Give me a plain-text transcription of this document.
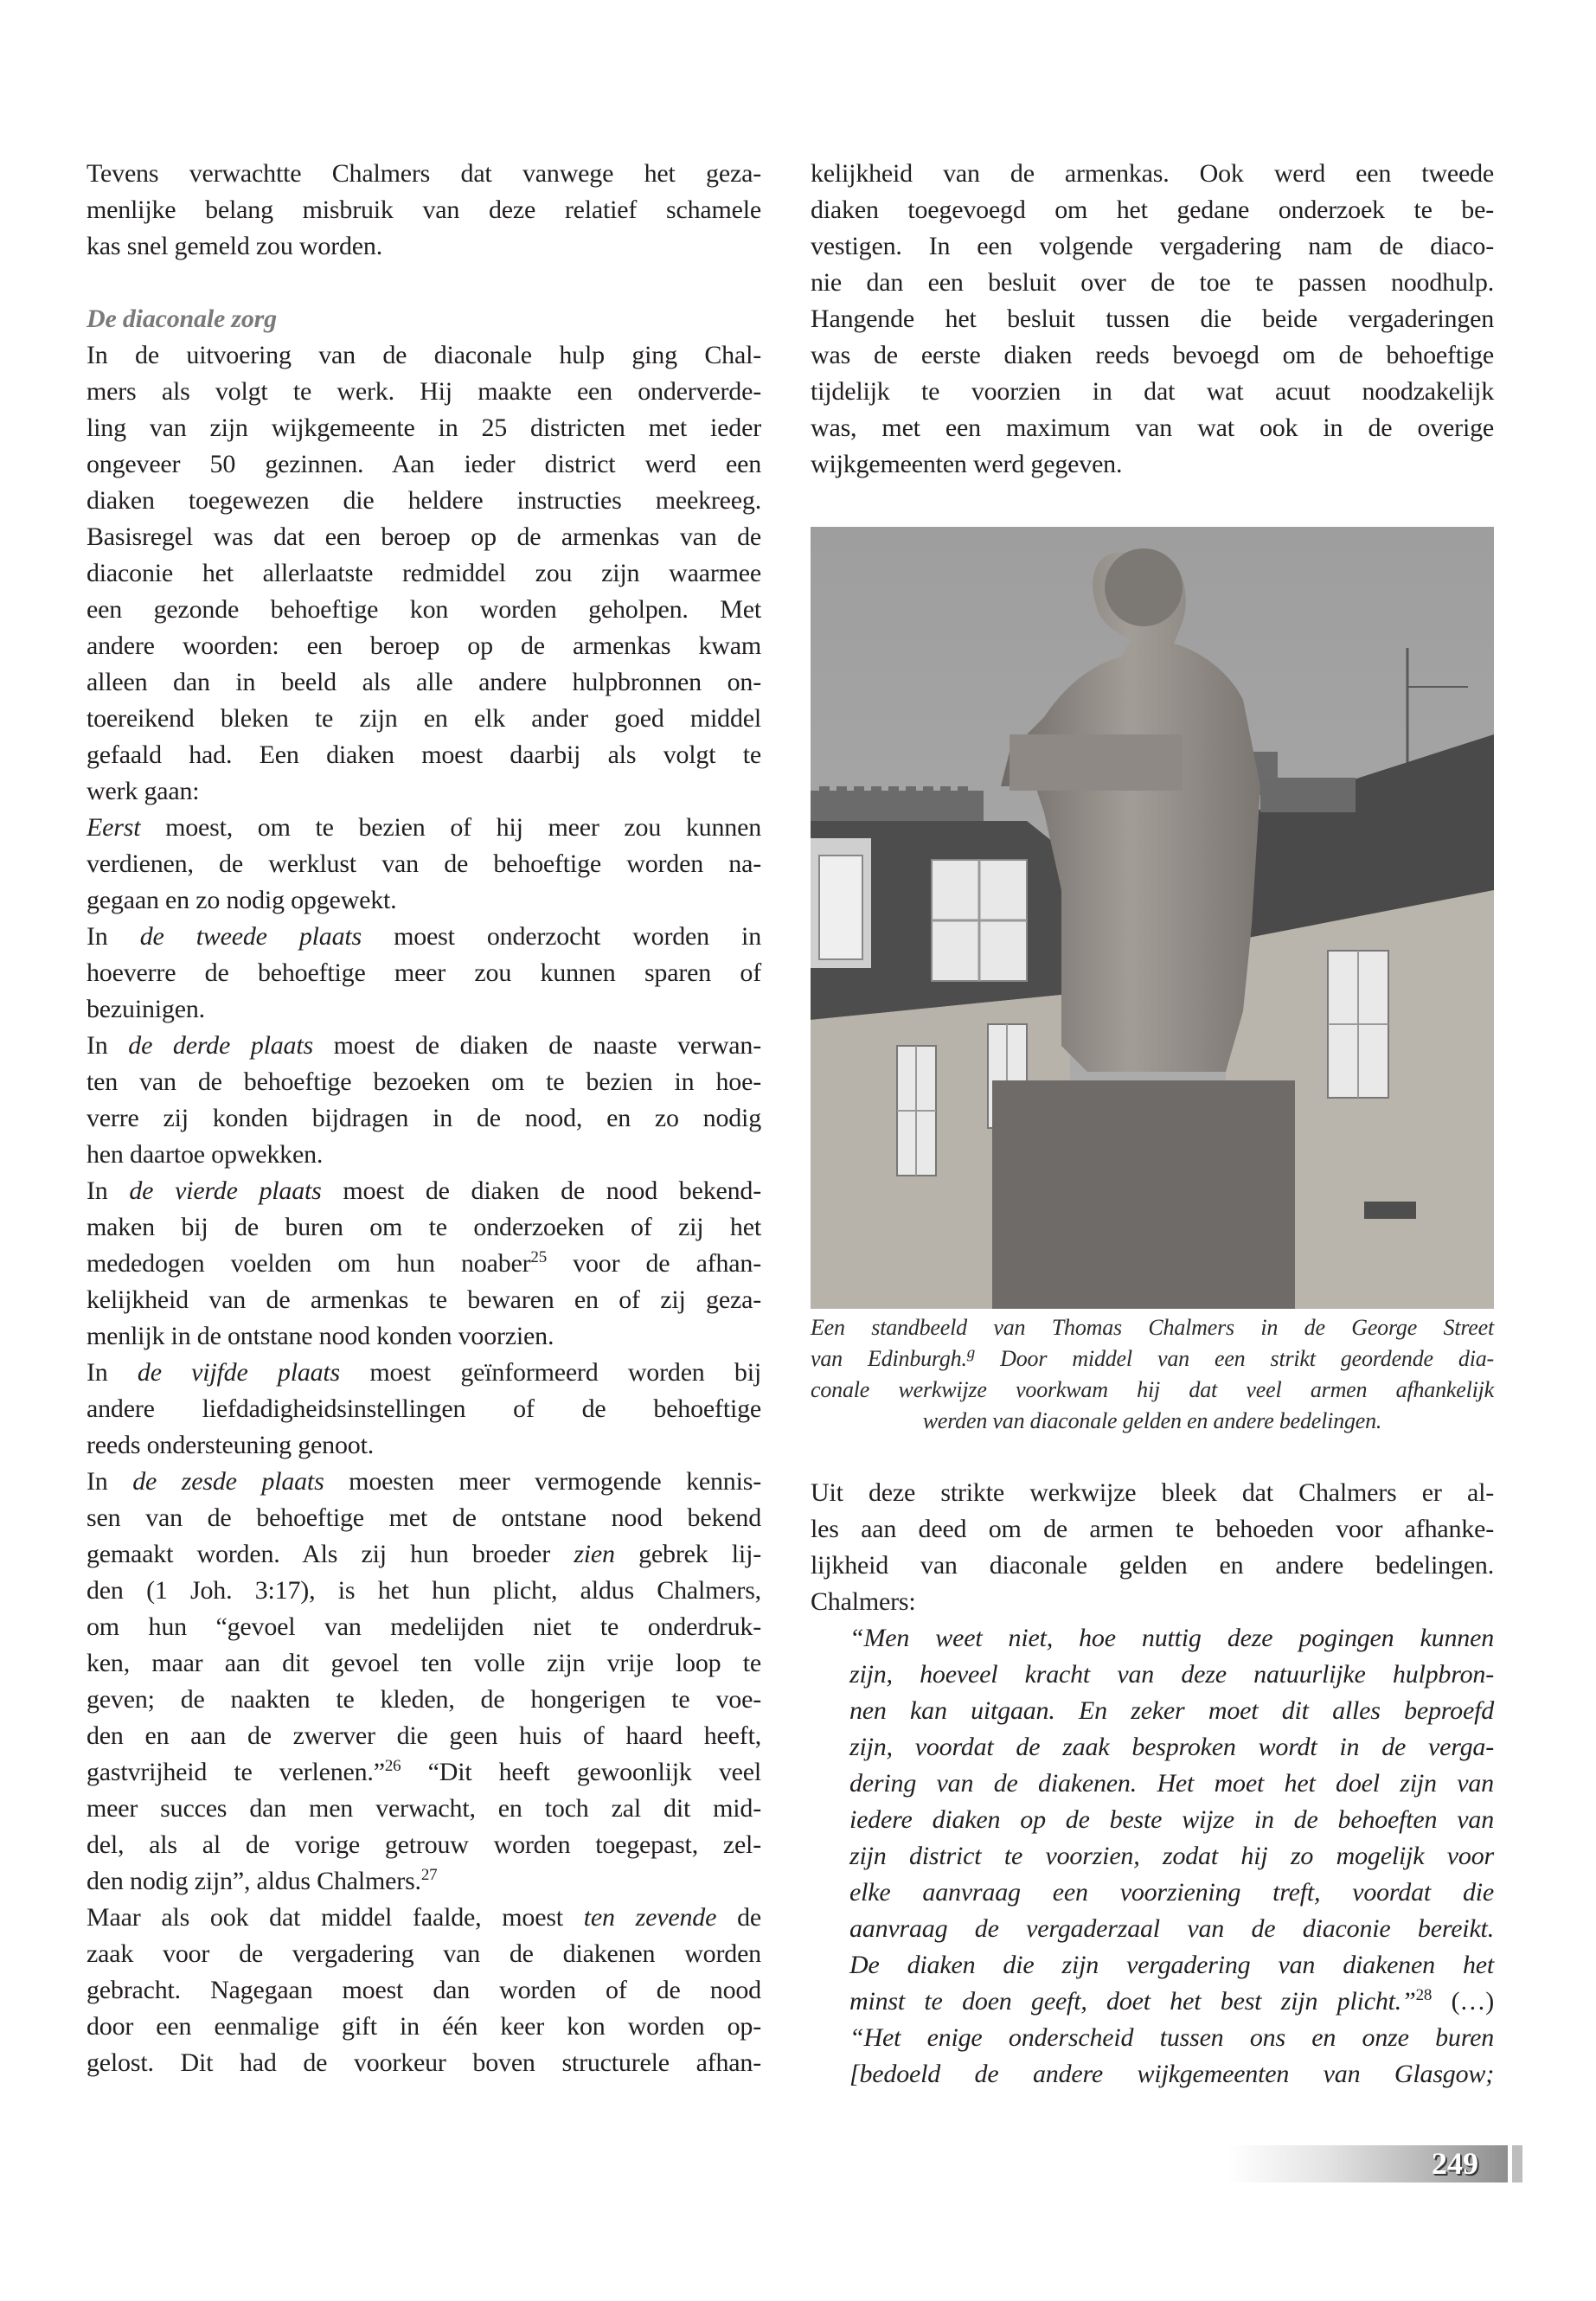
Tevens verwachtte Chalmers dat vanwege het geza-
menlijke belang misbruik van deze relatief schamele
kas snel gemeld zou worden.
De diaconale zorg
In de uitvoering van de diaconale hulp ging Chal-
mers als volgt te werk. Hij maakte een onderverde-
ling van zijn wijkgemeente in 25 districten met ieder
ongeveer 50 gezinnen. Aan ieder district werd een
diaken toegewezen die heldere instructies meekreeg.
Basisregel was dat een beroep op de armenkas van de
diaconie het allerlaatste redmiddel zou zijn waarmee
een gezonde behoeftige kon worden geholpen. Met
andere woorden: een beroep op de armenkas kwam
alleen dan in beeld als alle andere hulpbronnen on-
toereikend bleken te zijn en elk ander goed middel
gefaald had. Een diaken moest daarbij als volgt te
werk gaan:
Eerst moest, om te bezien of hij meer zou kunnen
verdienen, de werklust van de behoeftige worden na-
gegaan en zo nodig opgewekt.
In de tweede plaats moest onderzocht worden in
hoeverre de behoeftige meer zou kunnen sparen of
bezuinigen.
In de derde plaats moest de diaken de naaste verwan-
ten van de behoeftige bezoeken om te bezien in hoe-
verre zij konden bijdragen in de nood, en zo nodig
hen daartoe opwekken.
In de vierde plaats moest de diaken de nood bekend-
maken bij de buren om te onderzoeken of zij het
mededogen voelden om hun noaber$^{25}$ voor de afhan-
kelijkheid van de armenkas te bewaren en of zij geza-
menlijk in de ontstane nood konden voorzien.
In de vijfde plaats moest geïnformeerd worden bij
andere liefdadigheidsinstellingen of de behoeftige
reeds ondersteuning genoot.
In de zesde plaats moesten meer vermogende kennis-
sen van de behoeftige met de ontstane nood bekend
gemaakt worden. Als zij hun broeder zien gebrek lij-
den (1 Joh. 3:17), is het hun plicht, aldus Chalmers,
om hun “gevoel van medelijden niet te onderdruk-
ken, maar aan dit gevoel ten volle zijn vrije loop te
geven; de naakten te kleden, de hongerigen te voe-
den en aan de zwerver die geen huis of haard heeft,
gastvrijheid te verlenen.”$^{26}$ “Dit heeft gewoonlijk veel
meer succes dan men verwacht, en toch zal dit mid-
del, als al de vorige getrouw worden toegepast, zel-
den nodig zijn”, aldus Chalmers.$^{27}$
Maar als ook dat middel faalde, moest ten zevende de
zaak voor de vergadering van de diakenen worden
gebracht. Nagegaan moest dan worden of de nood
door een eenmalige gift in één keer kon worden op-
gelost. Dit had de voorkeur boven structurele afhan-
kelijkheid van de armenkas. Ook werd een tweede
diaken toegevoegd om het gedane onderzoek te be-
vestigen. In een volgende vergadering nam de diaco-
nie dan een besluit over de toe te passen noodhulp.
Hangende het besluit tussen die beide vergaderingen
was de eerste diaken reeds bevoegd om de behoeftige
tijdelijk te voorzien in dat wat acuut noodzakelijk
was, met een maximum van wat ook in de overige
wijkgemeenten werd gegeven.
Een standbeeld van Thomas Chalmers in de George Street
van Edinburgh.$^g$ Door middel van een strikt geordende dia-
conale werkwijze voorkwam hij dat veel armen afhankelijk
werden van diaconale gelden en andere bedelingen.
Uit deze strikte werkwijze bleek dat Chalmers er al-
les aan deed om de armen te behoeden voor afhanke-
lijkheid van diaconale gelden en andere bedelingen.
Chalmers:
“Men weet niet, hoe nuttig deze pogingen kunnen
zijn, hoeveel kracht van deze natuurlijke hulpbron-
nen kan uitgaan. En zeker moet dit alles beproefd
zijn, voordat de zaak besproken wordt in de verga-
dering van de diakenen. Het moet het doel zijn van
iedere diaken op de beste wijze in de behoeften van
zijn district te voorzien, zodat hij zo mogelijk voor
elke aanvraag een voorziening treft, voordat die
aanvraag de vergaderzaal van de diaconie bereikt.
De diaken die zijn vergadering van diakenen het
minst te doen geeft, doet het best zijn plicht.”$^{28}$ (…)
“Het enige onderscheid tussen ons en onze buren
[bedoeld de andere wijkgemeenten van Glasgow;
249
